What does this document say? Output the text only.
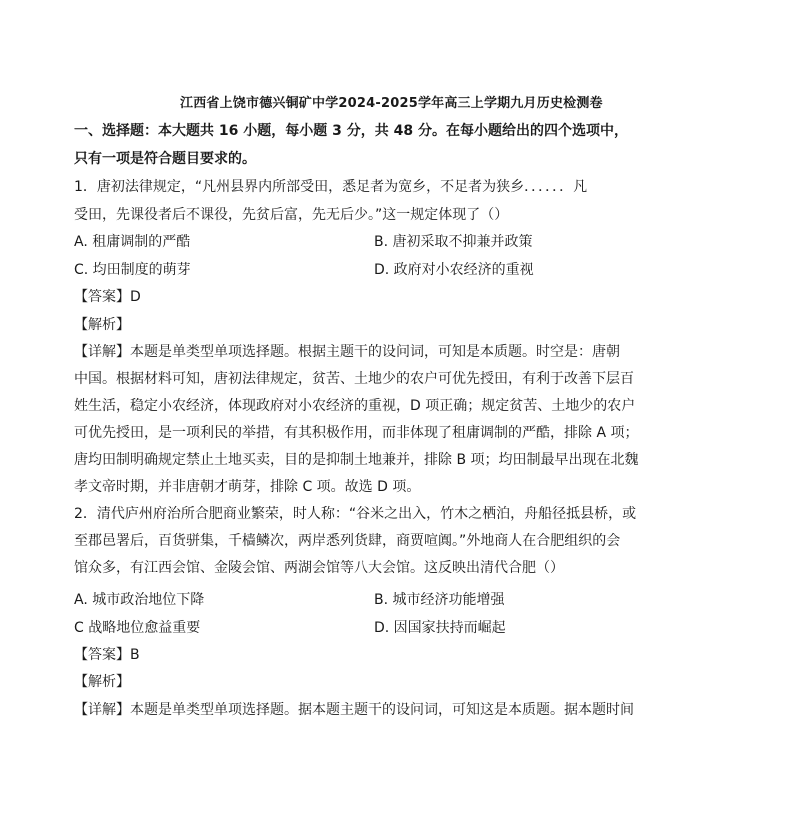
江西省上饶市德兴铜矿中学2024-2025学年高三上学期九月历史检测卷
一、选择题：本大题共 16 小题，每小题 3 分，共 48 分。在每小题给出的四个选项中，
只有一项是符合题目要求的。
1．唐初法律规定，“凡州县界内所部受田，悉足者为宽乡，不足者为狭乡．．．．．．凡
受田，先课役者后不课役，先贫后富，先无后少。”这一规定体现了（）
A. 租庸调制的严酷	B. 唐初采取不抑兼并政策
C. 均田制度的萌芽	D. 政府对小农经济的重视
【答案】D
【解析】
【详解】本题是单类型单项选择题。根据主题干的设问词，可知是本质题。时空是：唐朝
中国。根据材料可知，唐初法律规定，贫苦、土地少的农户可优先授田，有利于改善下层百
姓生活，稳定小农经济，体现政府对小农经济的重视，D 项正确；规定贫苦、土地少的农户
可优先授田，是一项利民的举措，有其积极作用，而非体现了租庸调制的严酷，排除 A 项；
唐均田制明确规定禁止土地买卖，目的是抑制土地兼并，排除 B 项；均田制最早出现在北魏
孝文帝时期，并非唐朝才萌芽，排除 C 项。故选 D 项。
2．清代庐州府治所合肥商业繁荣，时人称：“谷米之出入，竹木之栖泊，舟船径抵县桥，或
至郡邑署后，百货骈集，千樯鳞次，两岸悉列货肆，商贾喧阗。”外地商人在合肥组织的会
馆众多，有江西会馆、金陵会馆、两湖会馆等八大会馆。这反映出清代合肥（）
A. 城市政治地位下降	B. 城市经济功能增强
C 战略地位愈益重要	D. 因国家扶持而崛起
【答案】B
【解析】
【详解】本题是单类型单项选择题。据本题主题干的设问词，可知这是本质题。据本题时间
